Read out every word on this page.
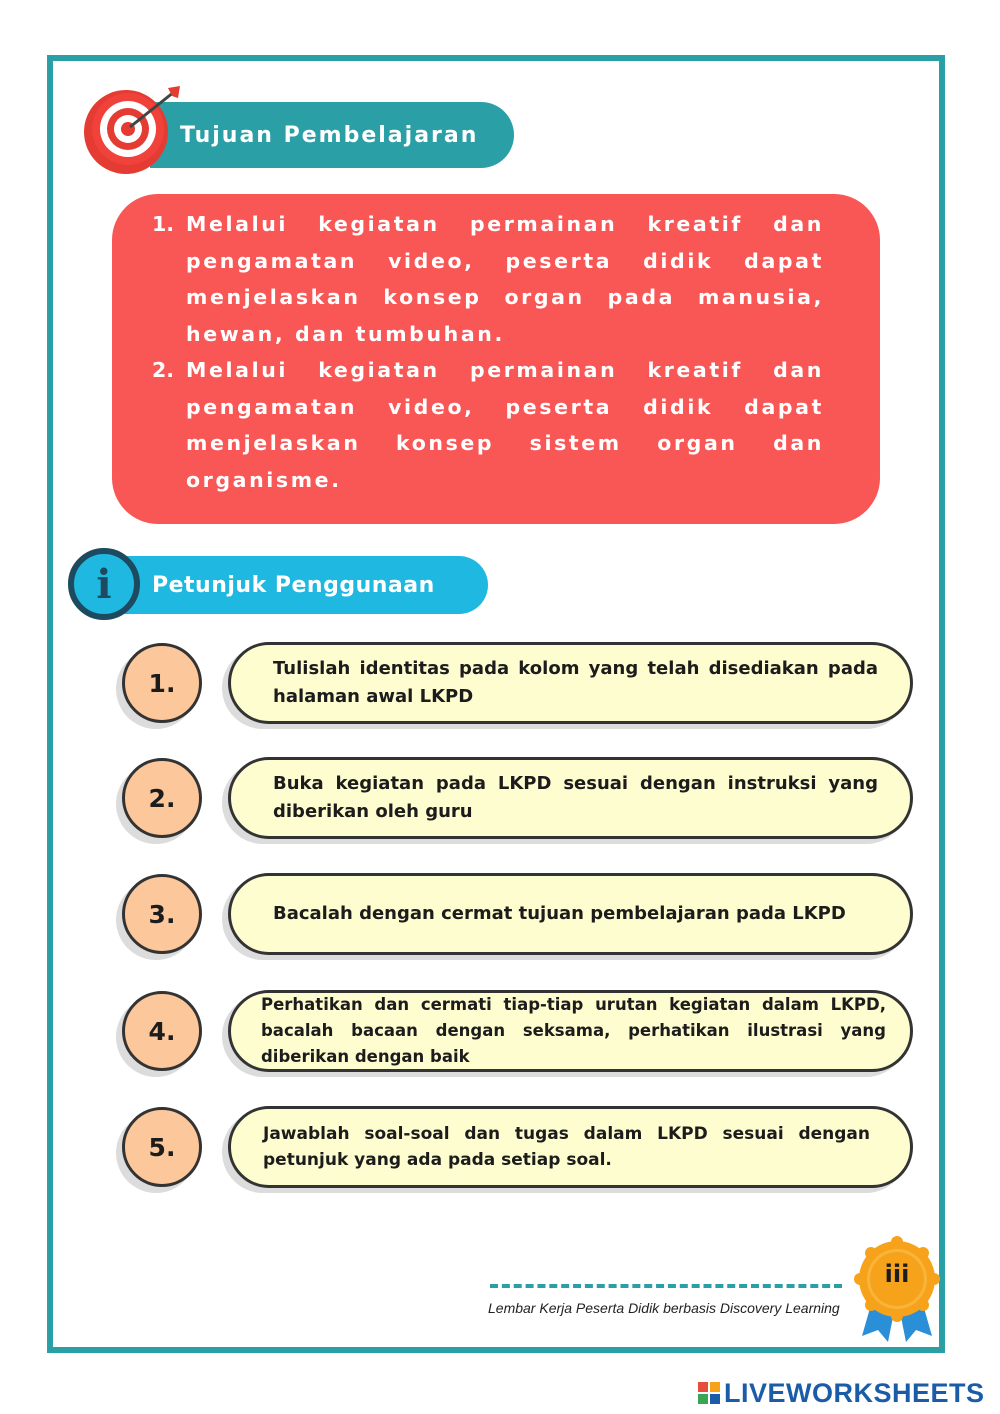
Tujuan Pembelajaran
1. Melalui kegiatan permainan kreatif dan pengamatan video, peserta didik dapat menjelaskan konsep organ pada manusia, hewan, dan tumbuhan.
2. Melalui kegiatan permainan kreatif dan pengamatan video, peserta didik dapat menjelaskan konsep sistem organ dan organisme.
Petunjuk Penggunaan
i
1.	Tulislah identitas pada kolom yang telah disediakan pada halaman awal LKPD
2.	Buka kegiatan pada LKPD sesuai dengan instruksi yang diberikan oleh guru
3.	Bacalah dengan cermat tujuan pembelajaran pada LKPD
4.
Perhatikan dan cermati tiap-tiap urutan kegiatan dalam LKPD, bacalah bacaan dengan seksama, perhatikan ilustrasi yang diberikan dengan baik
5.	Jawablah soal-soal dan tugas dalam LKPD sesuai dengan petunjuk yang ada pada setiap soal.
Lembar Kerja Peserta Didik berbasis Discovery Learning
iii
LIVEWORKSHEETS
